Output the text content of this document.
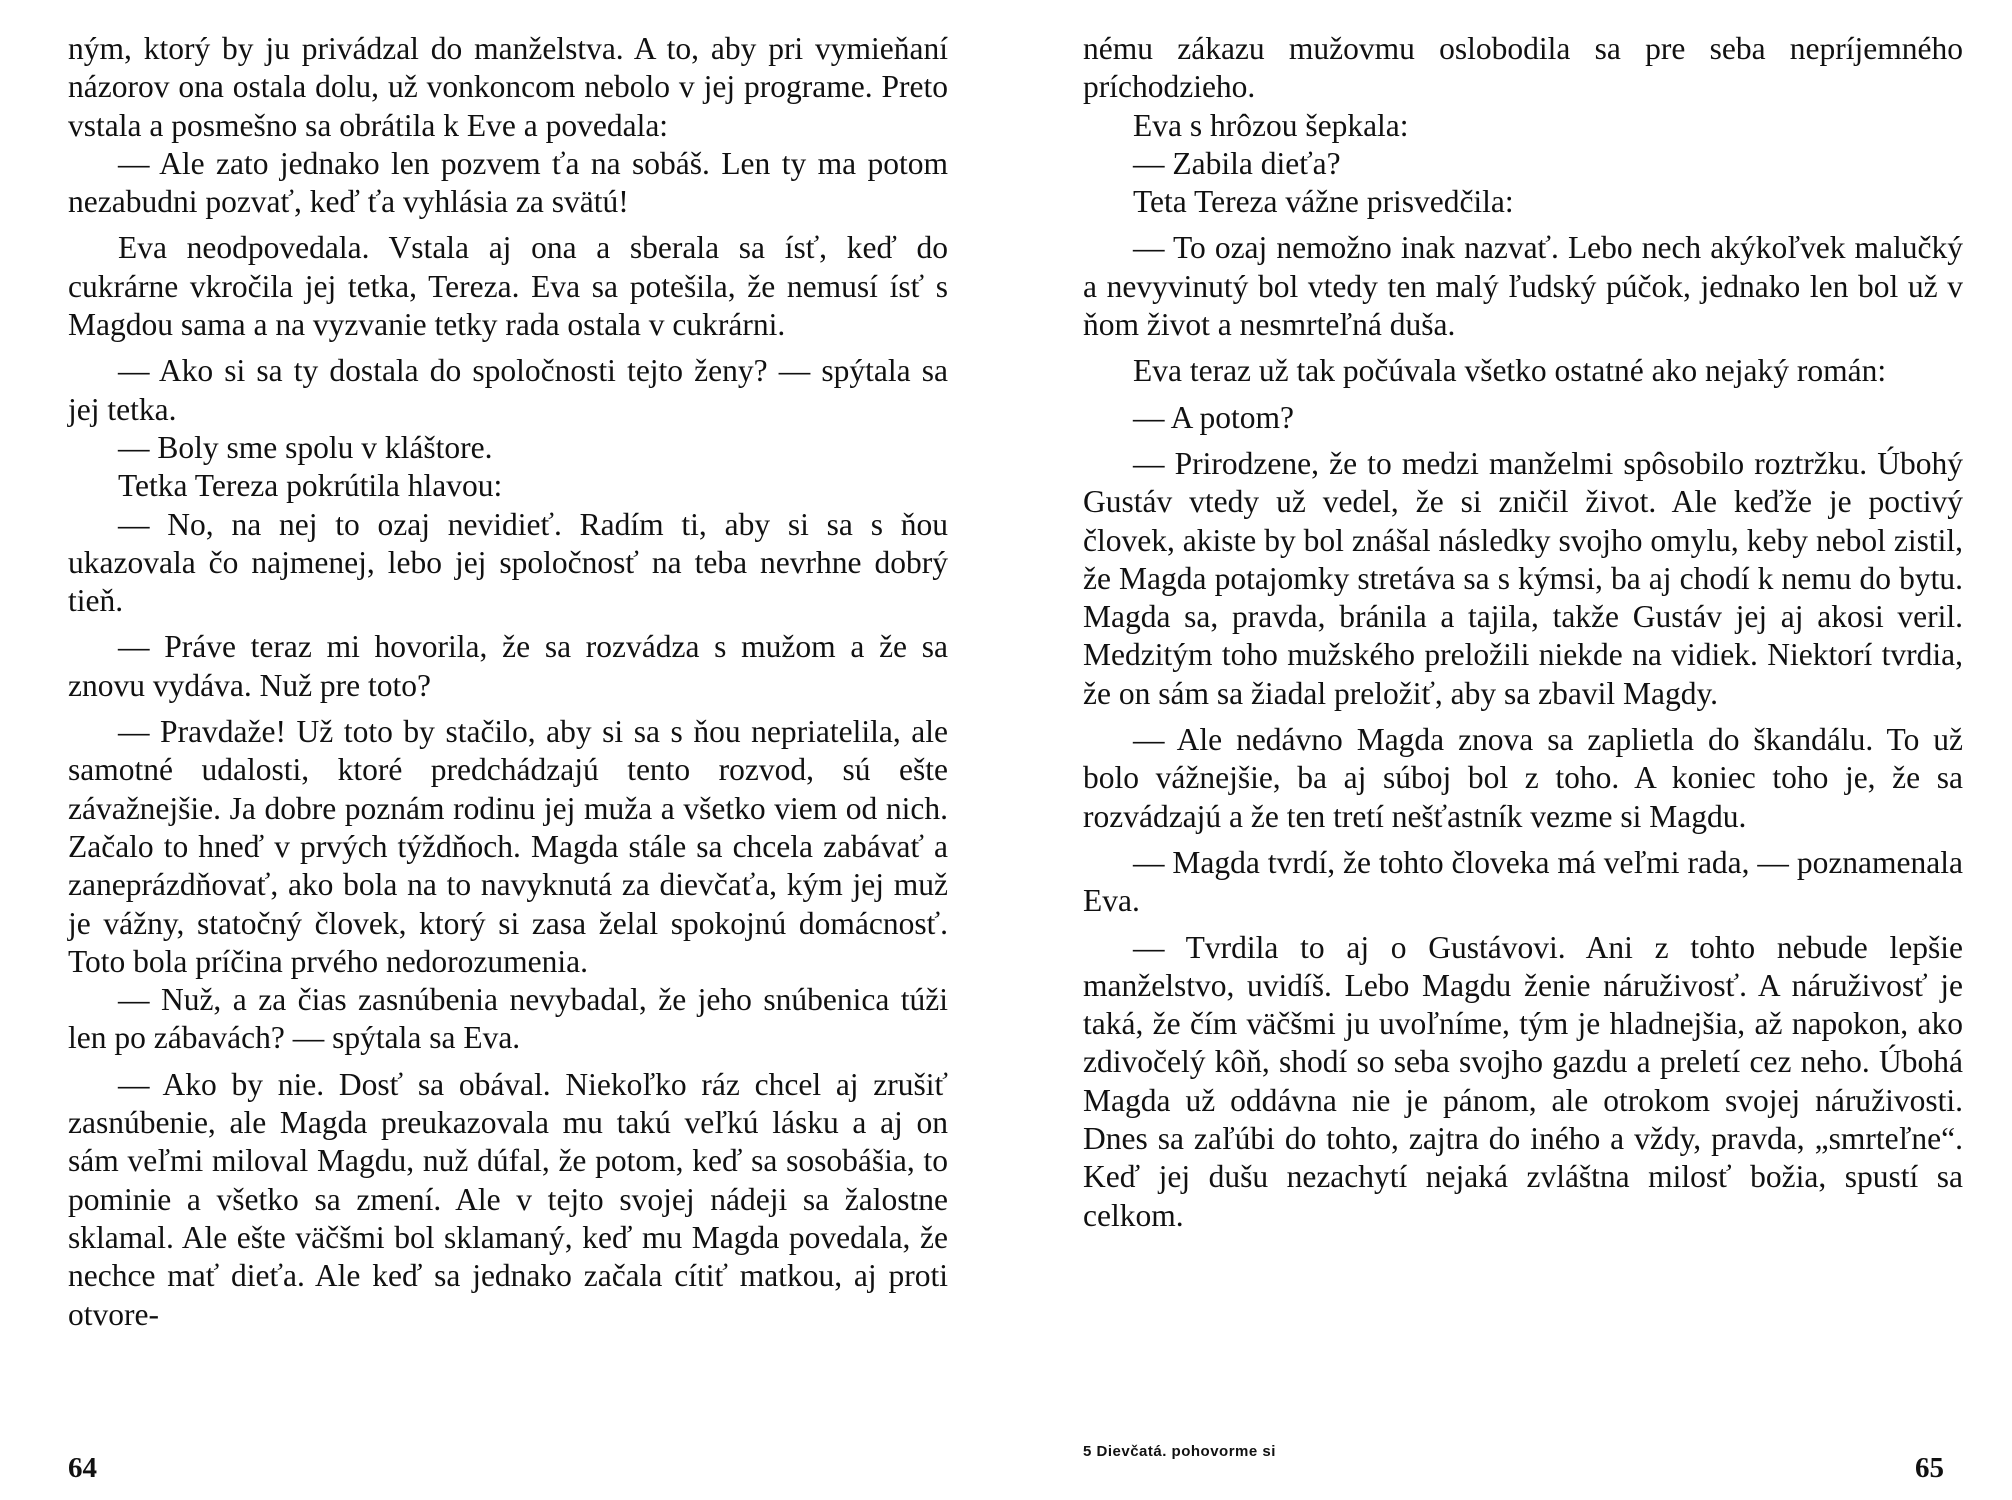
ným, ktorý by ju privádzal do manželstva. A to, aby pri vymieňaní názorov ona ostala dolu, už vonkoncom nebolo v jej programe. Preto vstala a posmešno sa obrátila k Eve a povedala:

— Ale zato jednako len pozvem ťa na sobáš. Len ty ma potom nezabudni pozvať, keď ťa vyhlásia za svätú!

Eva neodpovedala. Vstala aj ona a sberala sa ísť, keď do cukrárne vkročila jej tetka, Tereza. Eva sa potešila, že nemusí ísť s Magdou sama a na vyzvanie tetky rada ostala v cukrárni.

— Ako si sa ty dostala do spoločnosti tejto ženy? — spýtala sa jej tetka.

— Boly sme spolu v kláštore.

Tetka Tereza pokrútila hlavou:

— No, na nej to ozaj nevidieť. Radím ti, aby si sa s ňou ukazovala čo najmenej, lebo jej spoločnosť na teba nevrhne dobrý tieň.

— Práve teraz mi hovorila, že sa rozvádza s mužom a že sa znovu vydáva. Nuž pre toto?

— Pravdaže! Už toto by stačilo, aby si sa s ňou nepriatelila, ale samotné udalosti, ktoré predchádzajú tento rozvod, sú ešte závažnejšie. Ja dobre poznám rodinu jej muža a všetko viem od nich. Začalo to hneď v prvých týždňoch. Magda stále sa chcela zabávať a zaneprázdňovať, ako bola na to navyknutá za dievčaťa, kým jej muž je vážny, statočný človek, ktorý si zasa želal spokojnú domácnosť. Toto bola príčina prvého nedorozumenia.

— Nuž, a za čias zasnúbenia nevybadal, že jeho snúbenica túži len po zábavách? — spýtala sa Eva.

— Ako by nie. Dosť sa obával. Niekoľko ráz chcel aj zrušiť zasnúbenie, ale Magda preukazovala mu takú veľkú lásku a aj on sám veľmi miloval Magdu, nuž dúfal, že potom, keď sa sosobášia, to pominie a všetko sa zmení. Ale v tejto svojej nádeji sa žalostne sklamal. Ale ešte väčšmi bol sklamaný, keď mu Magda povedala, že nechce mať dieťa. Ale keď sa jednako začala cítiť matkou, aj proti otvore-

64

nému zákazu mužovmu oslobodila sa pre seba nepríjemného príchodzieho.

Eva s hrôzou šepkala:

— Zabila dieťa?

Teta Tereza vážne prisvedčila:

— To ozaj nemožno inak nazvať. Lebo nech akýkoľvek malučký a nevyvinutý bol vtedy ten malý ľudský púčok, jednako len bol už v ňom život a nesmrteľná duša.

Eva teraz už tak počúvala všetko ostatné ako nejaký román:

— A potom?

— Prirodzene, že to medzi manželmi spôsobilo roztržku. Úbohý Gustáv vtedy už vedel, že si zničil život. Ale keďže je poctivý človek, akiste by bol znášal následky svojho omylu, keby nebol zistil, že Magda potajomky stretáva sa s kýmsi, ba aj chodí k nemu do bytu. Magda sa, pravda, bránila a tajila, takže Gustáv jej aj akosi veril. Medzitým toho mužského preložili niekde na vidiek. Niektorí tvrdia, že on sám sa žiadal preložiť, aby sa zbavil Magdy.

— Ale nedávno Magda znova sa zaplietla do škandálu. To už bolo vážnejšie, ba aj súboj bol z toho. A koniec toho je, že sa rozvádzajú a že ten tretí nešťastník vezme si Magdu.

— Magda tvrdí, že tohto človeka má veľmi rada, — poznamenala Eva.

— Tvrdila to aj o Gustávovi. Ani z tohto nebude lepšie manželstvo, uvidíš. Lebo Magdu ženie náruživosť. A náruživosť je taká, že čím väčšmi ju uvoľníme, tým je hladnejšia, až napokon, ako zdivočelý kôň, shodí so seba svojho gazdu a preletí cez neho. Úbohá Magda už oddávna nie je pánom, ale otrokom svojej náruživosti. Dnes sa zaľúbi do tohto, zajtra do iného a vždy, pravda, „smrteľne“. Keď jej dušu nezachytí nejaká zvláštna milosť božia, spustí sa celkom.

5 Dievčatá. pohovorme si
65
